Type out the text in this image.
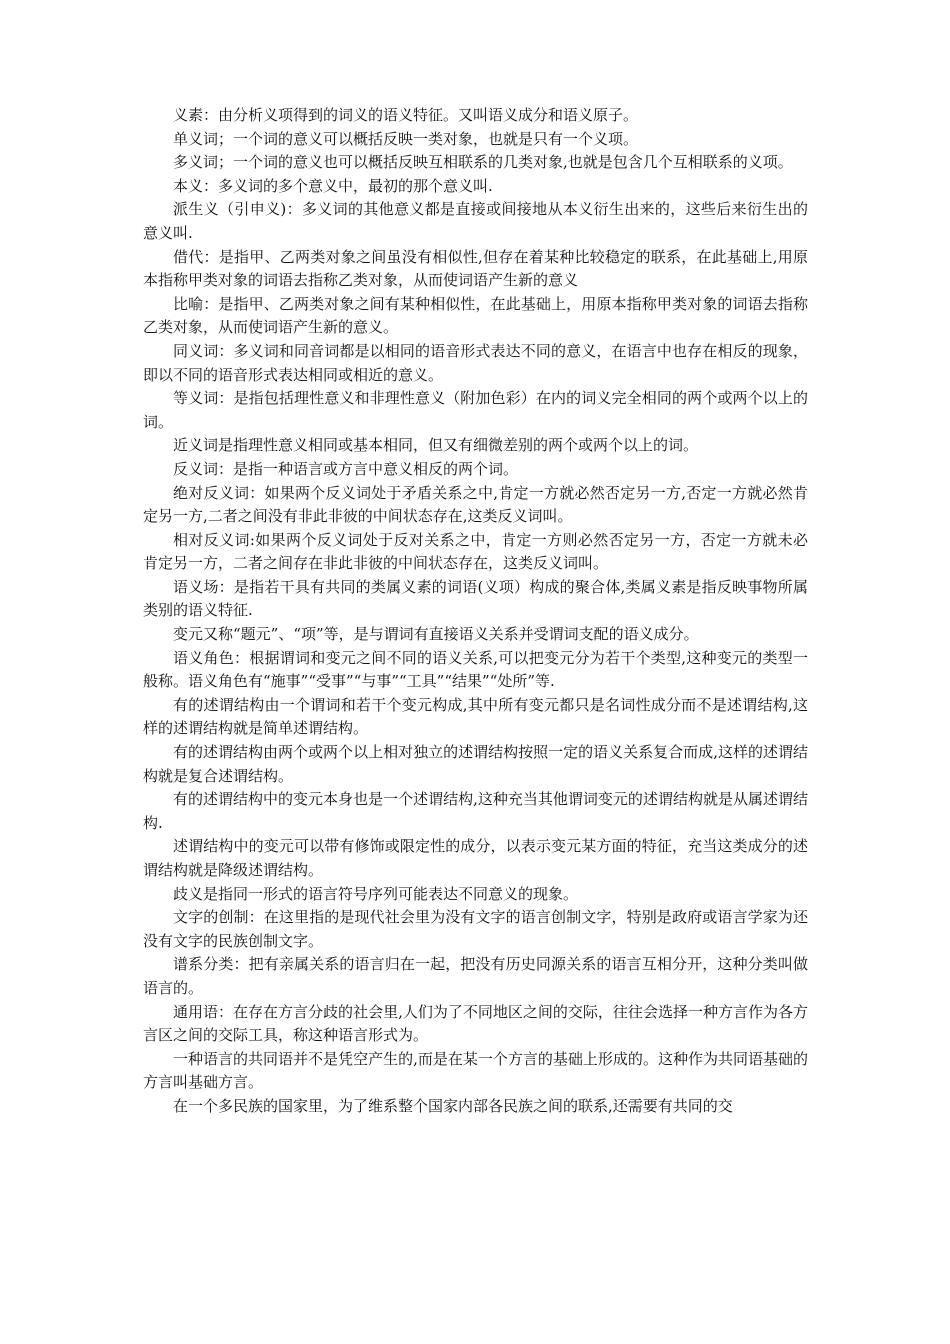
义素：由分析义项得到的词义的语义特征。又叫语义成分和语义原子。

单义词；一个词的意义可以概括反映一类对象，也就是只有一个义项。

多义词；一个词的意义也可以概括反映互相联系的几类对象,也就是包含几个互相联系的义项。

本义：多义词的多个意义中，最初的那个意义叫.

派生义（引申义)：多义词的其他意义都是直接或间接地从本义衍生出来的，这些后来衍生出的意义叫.

借代：是指甲、乙两类对象之间虽没有相似性,但存在着某种比较稳定的联系，在此基础上,用原本指称甲类对象的词语去指称乙类对象，从而使词语产生新的意义

比喻：是指甲、乙两类对象之间有某种相似性，在此基础上，用原本指称甲类对象的词语去指称乙类对象，从而使词语产生新的意义。

同义词：多义词和同音词都是以相同的语音形式表达不同的意义，在语言中也存在相反的现象，即以不同的语音形式表达相同或相近的意义。

等义词：是指包括理性意义和非理性意义（附加色彩）在内的词义完全相同的两个或两个以上的词。

近义词是指理性意义相同或基本相同，但又有细微差别的两个或两个以上的词。

反义词：是指一种语言或方言中意义相反的两个词。

绝对反义词：如果两个反义词处于矛盾关系之中,肯定一方就必然否定另一方,否定一方就必然肯定另一方,二者之间没有非此非彼的中间状态存在,这类反义词叫。

相对反义词:如果两个反义词处于反对关系之中，肯定一方则必然否定另一方，否定一方就未必肯定另一方，二者之间存在非此非彼的中间状态存在，这类反义词叫。

语义场：是指若干具有共同的类属义素的词语(义项）构成的聚合体,类属义素是指反映事物所属类别的语义特征.

变元又称“题元”、“项”等，是与谓词有直接语义关系并受谓词支配的语义成分。

语义角色：根据谓词和变元之间不同的语义关系,可以把变元分为若干个类型,这种变元的类型一般称。语义角色有“施事”“受事”“与事”“工具”“结果”“处所”等.

有的述谓结构由一个谓词和若干个变元构成,其中所有变元都只是名词性成分而不是述谓结构,这样的述谓结构就是简单述谓结构。

有的述谓结构由两个或两个以上相对独立的述谓结构按照一定的语义关系复合而成,这样的述谓结构就是复合述谓结构。

有的述谓结构中的变元本身也是一个述谓结构,这种充当其他谓词变元的述谓结构就是从属述谓结构.

述谓结构中的变元可以带有修饰或限定性的成分，以表示变元某方面的特征，充当这类成分的述谓结构就是降级述谓结构。

歧义是指同一形式的语言符号序列可能表达不同意义的现象。

文字的创制：在这里指的是现代社会里为没有文字的语言创制文字，特别是政府或语言学家为还没有文字的民族创制文字。

谱系分类：把有亲属关系的语言归在一起，把没有历史同源关系的语言互相分开，这种分类叫做语言的。

通用语：在存在方言分歧的社会里,人们为了不同地区之间的交际，往往会选择一种方言作为各方言区之间的交际工具，称这种语言形式为。

一种语言的共同语并不是凭空产生的,而是在某一个方言的基础上形成的。这种作为共同语基础的方言叫基础方言。

在一个多民族的国家里，为了维系整个国家内部各民族之间的联系,还需要有共同的交
